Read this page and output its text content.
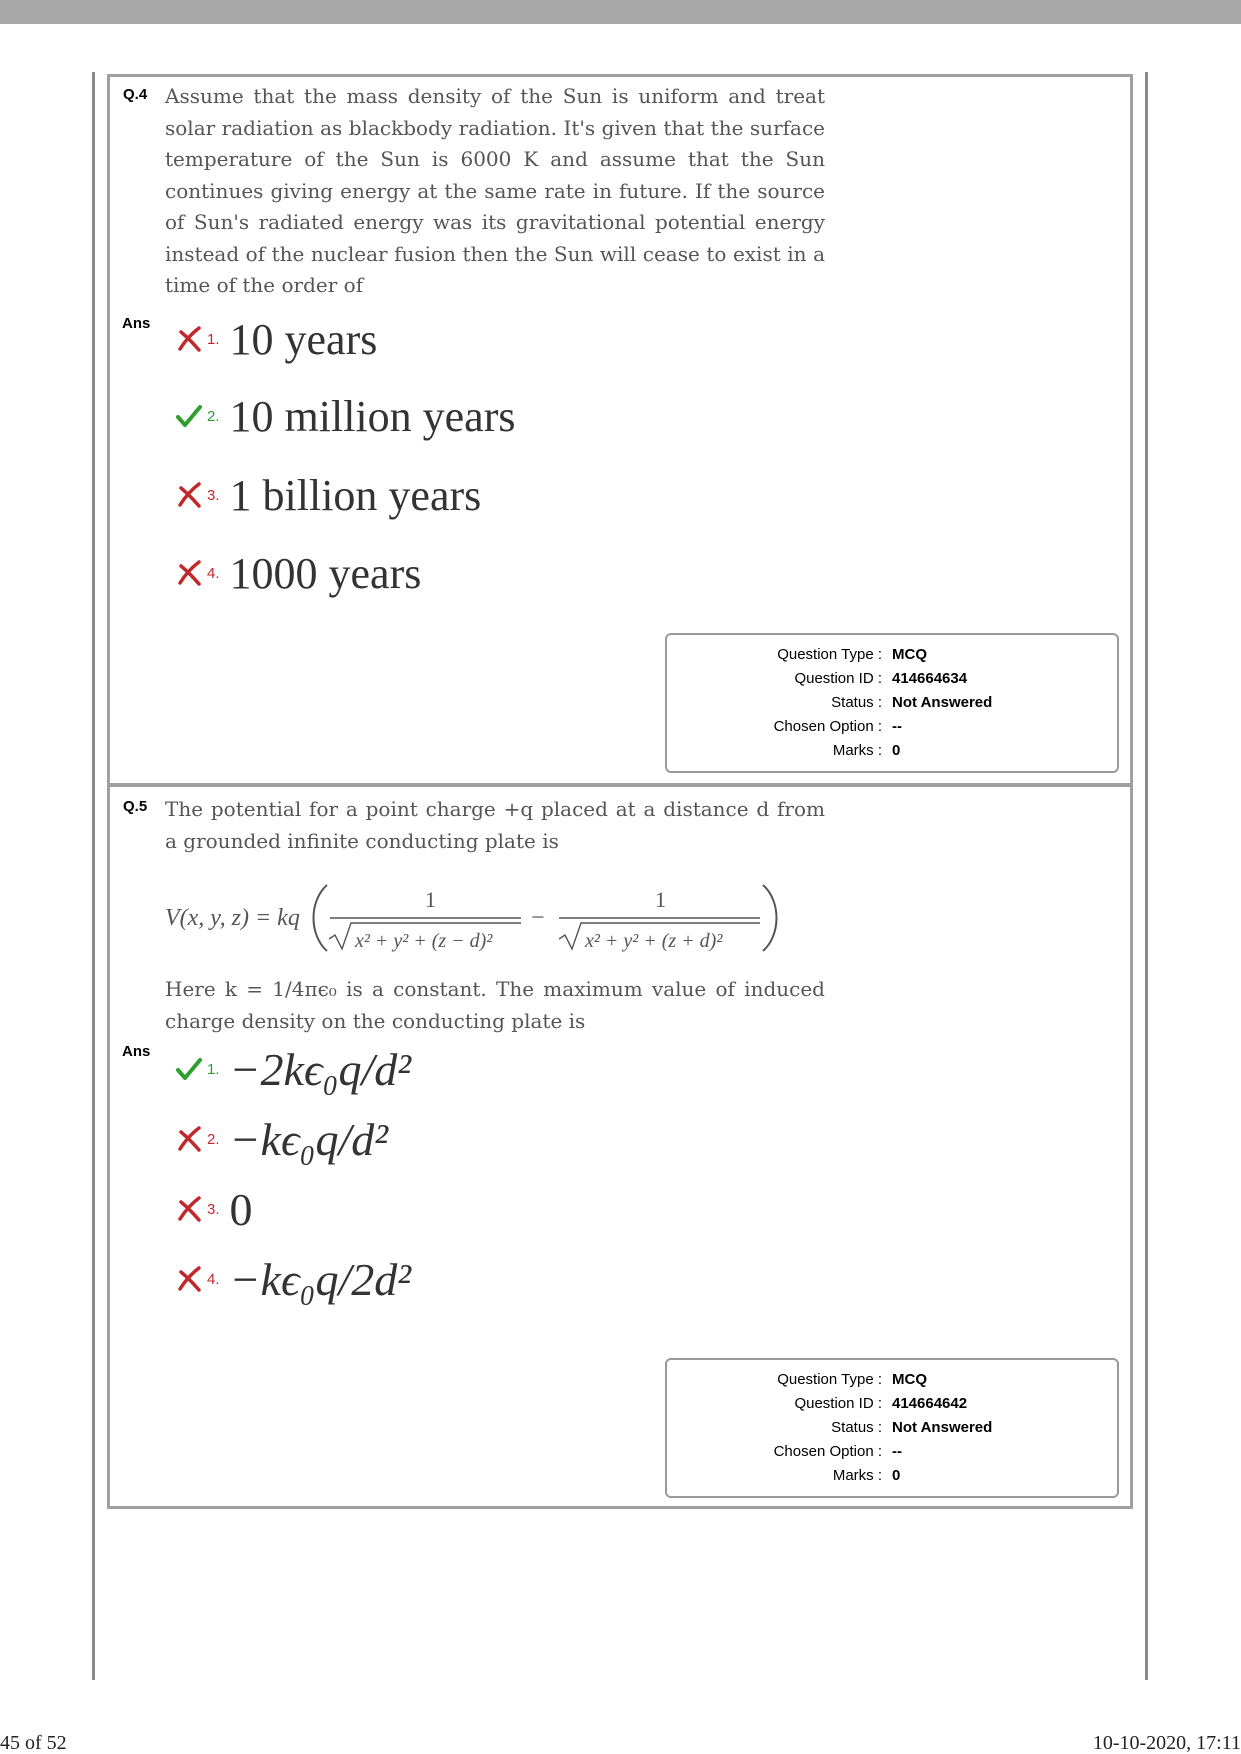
Q.4 Assume that the mass density of the Sun is uniform and treat solar radiation as blackbody radiation. It's given that the surface temperature of the Sun is 6000 K and assume that the Sun continues giving energy at the same rate in future. If the source of Sun's radiated energy was its gravitational potential energy instead of the nuclear fusion then the Sun will cease to exist in a time of the order of
Ans
1. 10 years
2. 10 million years
3. 1 billion years
4. 1000 years
Question Type : MCQ
Question ID : 414664634
Status : Not Answered
Chosen Option : --
Marks : 0
Q.5 The potential for a point charge +q placed at a distance d from a grounded infinite conducting plate is
V(x, y, z) = kq
1
x² + y² + (z − d)²
−
1
x² + y² + (z + d)²
Here k = 1/4πϵ₀ is a constant. The maximum value of induced charge density on the conducting plate is
Ans
1. −2kϵ₀q/d²
2. −kϵ₀q/d²
3. 0
4. −kϵ₀q/2d²
Question Type : MCQ
Question ID : 414664642
Status : Not Answered
Chosen Option : --
Marks : 0
45 of 52	10-10-2020, 17:11
